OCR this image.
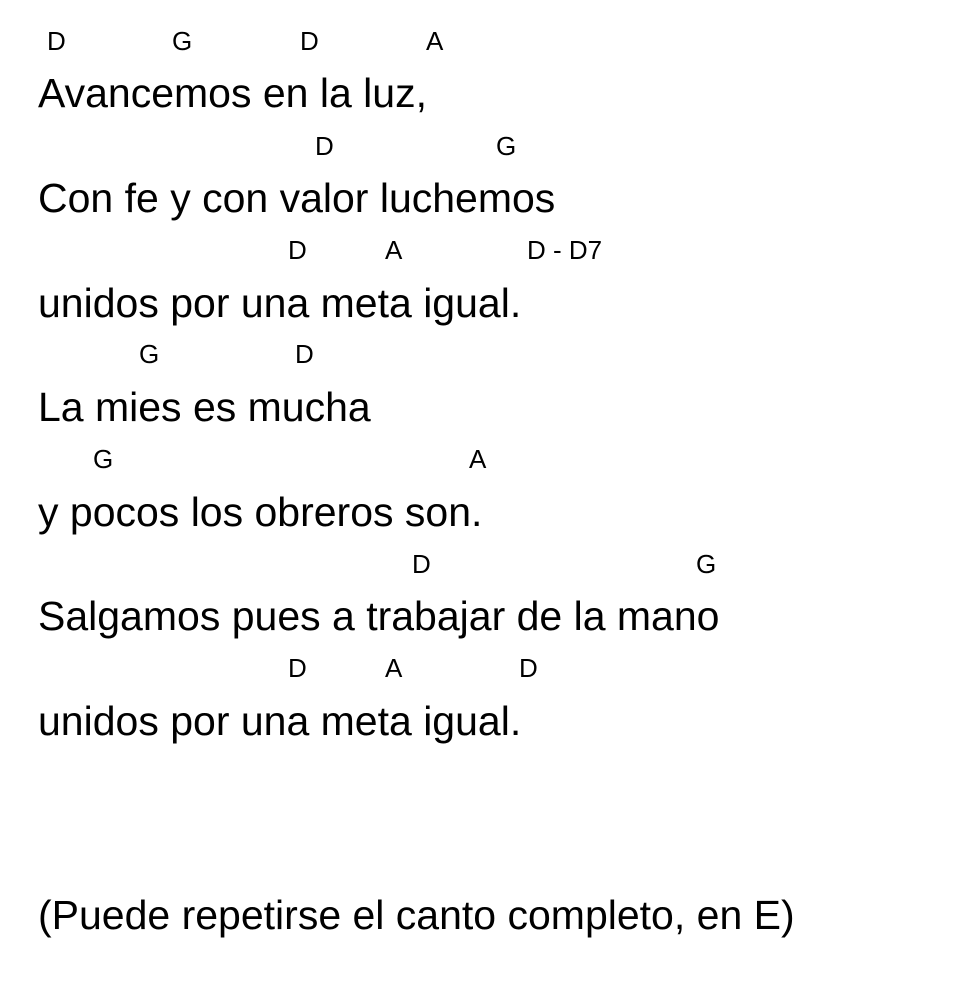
D	G	D	A
Avancemos en la luz,
D	G
Con fe y con valor luchemos
D	A	D - D7
unidos por una meta igual.
G	D
La mies es mucha
G	A
y pocos los obreros son.
D	G
Salgamos pues a trabajar de la mano
D	A	D
unidos por una meta igual.
(Puede repetirse el canto completo, en E)
